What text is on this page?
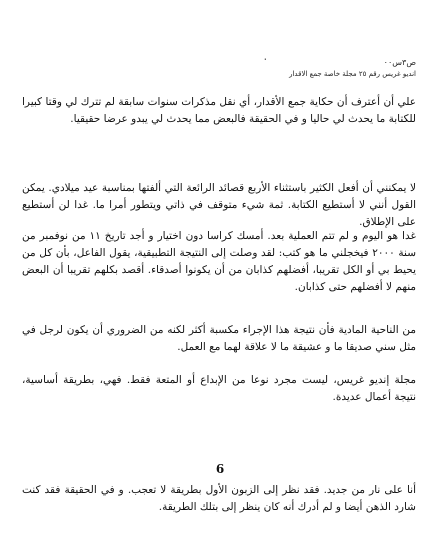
ص٣س٠٠
٠
انديو غريس رقم ٢٥ مجلة خاصة جمع الاقدار

علي أن أعترف أن حكاية جمع الأقدار، أي نقل مذكرات سنوات سابقة لم تترك لي وقتا كبيرا للكتابة ما يحدث لي حاليا و في الحقيقة فالبعض مما يحدث لي يبدو عرضا حقيقيا.

لا يمكنني أن أفعل الكثير باستثناء الأربع قصائد الرائعة التي ألفتها بمناسبة عيد ميلادي. يمكن القول أنني لا أستطيع الكتابة. ثمة شيء متوقف في ذاتي ويتطور أمرا ما. غدا لن أستطيع على الإطلاق.

غدا هو اليوم و لم تتم العملية بعد. أمسك كراسا دون اختيار و أجد تاريخ ١١ من نوفمبر من سنة ٢٠٠٠ فيخجلني ما هو كتب: لقد وصلت إلى النتيجة التطبيقية، يقول الفاعل، بأن كل من يحيط بي أو الكل تقريبا، أفضلهم كذابان من أن يكونوا أصدقاء. أقصد بكلهم تقريبا أن البعض منهم لا أفضلهم حتى كذابان.

من الناحية المادية فأن نتيجة هذا الإجراء مكسبة أكثر لكنه من الضروري أن يكون لرجل في مثل سني صديقا ما و عشيقة ما لا علاقة لهما مع العمل.

مجلة إنديو غريس، ليست مجرد نوعا من الإبداع أو المتعة فقط. فهي، بطريقة أساسية، نتيجة أعمال عديدة.

6

أنا على نار من جديد. فقد نظر إلى الزبون الأول بطريقة لا تعجب. و في الحقيقة فقد كنت شارد الذهن أيضا و لم أدرك أنه كان ينظر إلى بتلك الطريقة.
